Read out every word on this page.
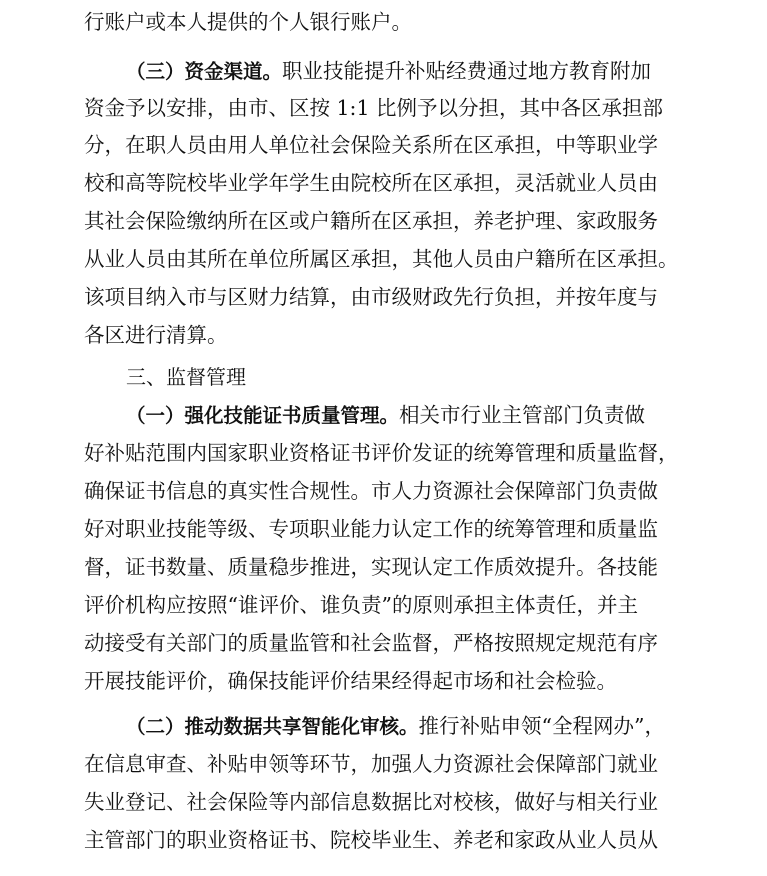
行账户或本人提供的个人银行账户。
（三）资金渠道。职业技能提升补贴经费通过地方教育附加
资金予以安排，由市、区按 1:1 比例予以分担，其中各区承担部
分，在职人员由用人单位社会保险关系所在区承担，中等职业学
校和高等院校毕业学年学生由院校所在区承担，灵活就业人员由
其社会保险缴纳所在区或户籍所在区承担，养老护理、家政服务
从业人员由其所在单位所属区承担，其他人员由户籍所在区承担。
该项目纳入市与区财力结算，由市级财政先行负担，并按年度与
各区进行清算。
三、监督管理
（一）强化技能证书质量管理。相关市行业主管部门负责做
好补贴范围内国家职业资格证书评价发证的统筹管理和质量监督，
确保证书信息的真实性合规性。市人力资源社会保障部门负责做
好对职业技能等级、专项职业能力认定工作的统筹管理和质量监
督，证书数量、质量稳步推进，实现认定工作质效提升。各技能
评价机构应按照“谁评价、谁负责”的原则承担主体责任，并主
动接受有关部门的质量监管和社会监督，严格按照规定规范有序
开展技能评价，确保技能评价结果经得起市场和社会检验。
（二）推动数据共享智能化审核。推行补贴申领“全程网办”，
在信息审查、补贴申领等环节，加强人力资源社会保障部门就业
失业登记、社会保险等内部信息数据比对校核，做好与相关行业
主管部门的职业资格证书、院校毕业生、养老和家政从业人员从
